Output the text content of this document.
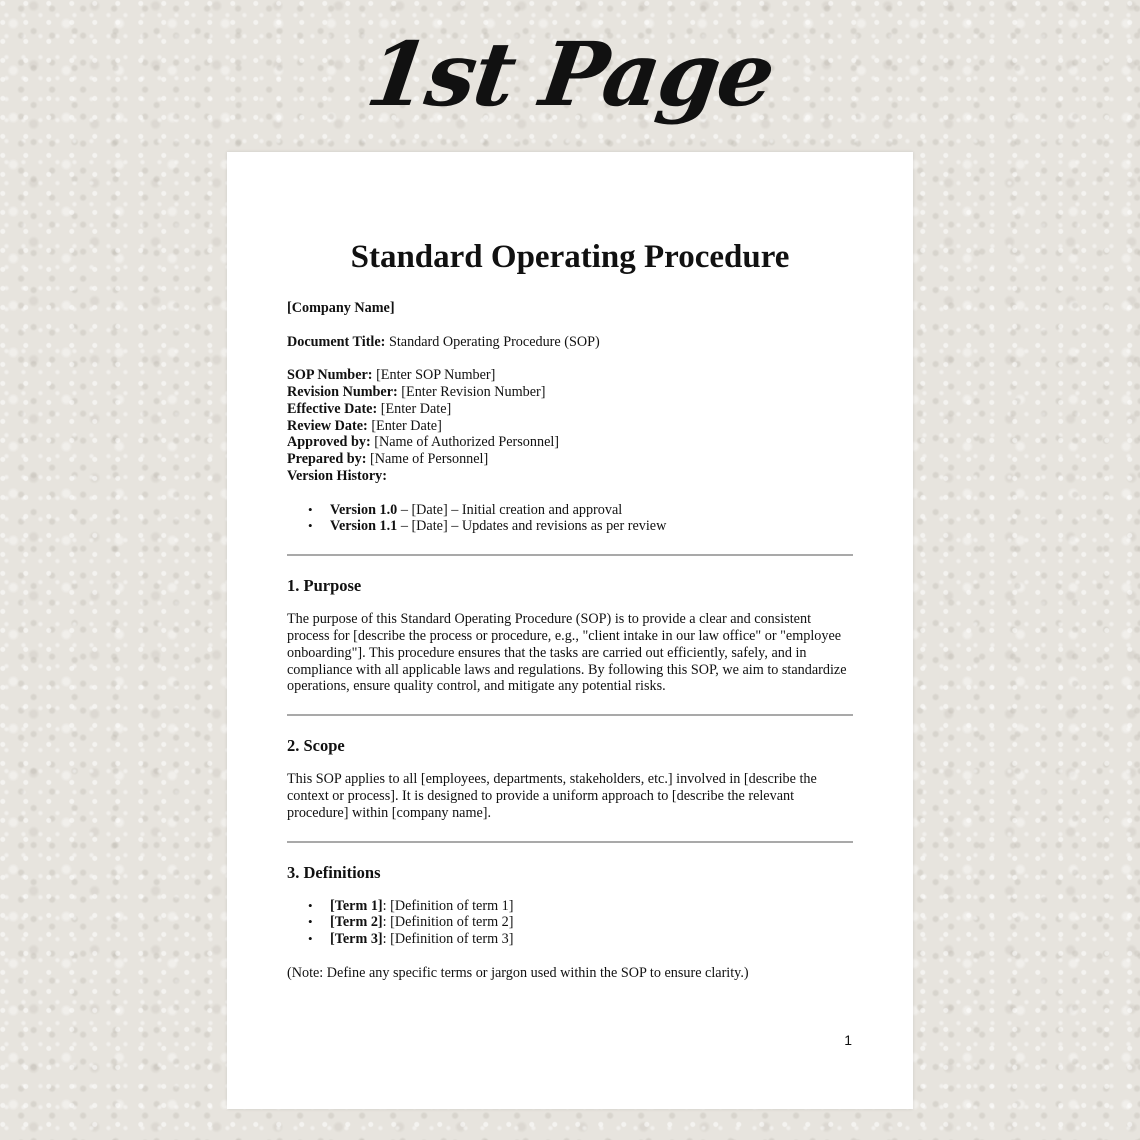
1st Page
Standard Operating Procedure

[Company Name]

Document Title: Standard Operating Procedure (SOP)

SOP Number: [Enter SOP Number]
Revision Number: [Enter Revision Number]
Effective Date: [Enter Date]
Review Date: [Enter Date]
Approved by: [Name of Authorized Personnel]
Prepared by: [Name of Personnel]
Version History:
• Version 1.0 – [Date] – Initial creation and approval
• Version 1.1 – [Date] – Updates and revisions as per review
1. Purpose

The purpose of this Standard Operating Procedure (SOP) is to provide a clear and consistent process for [describe the process or procedure, e.g., "client intake in our law office" or "employee onboarding"]. This procedure ensures that the tasks are carried out efficiently, safely, and in compliance with all applicable laws and regulations. By following this SOP, we aim to standardize operations, ensure quality control, and mitigate any potential risks.

2. Scope

This SOP applies to all [employees, departments, stakeholders, etc.] involved in [describe the context or process]. It is designed to provide a uniform approach to [describe the relevant procedure] within [company name].

3. Definitions
• [Term 1]: [Definition of term 1]
• [Term 2]: [Definition of term 2]
• [Term 3]: [Definition of term 3]

(Note: Define any specific terms or jargon used within the SOP to ensure clarity.)

1
